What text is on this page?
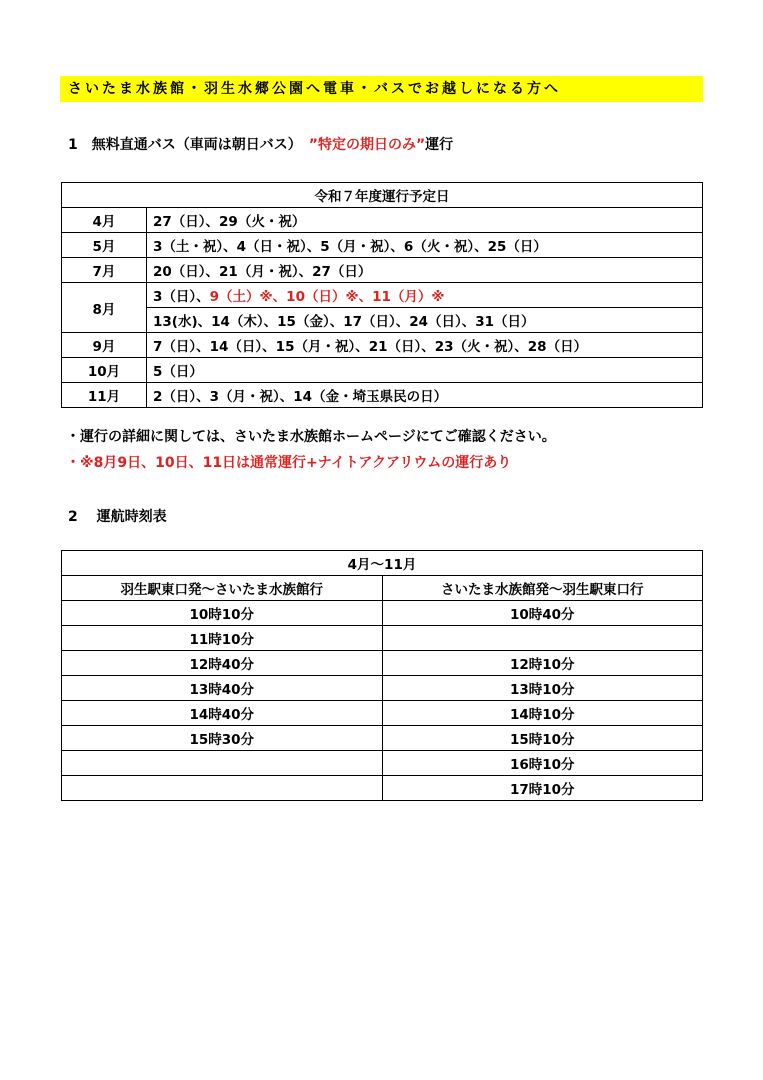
さいたま水族館・羽生水郷公園へ電車・バスでお越しになる方へ
1　無料直通バス（車両は朝日バス）　”特定の期日のみ”運行
令和７年度運行予定日	
4月	27（日）、29（火・祝）
5月	3（土・祝）、4（日・祝）、5（月・祝）、6（火・祝）、25（日）
7月	20（日）、21（月・祝）、27（日）
8月	3（日）、9（土）※、10（日）※、11（月）※
	13(水)、14（木）、15（金）、17（日）、24（日）、31（日）
9月	7（日）、14（日）、15（月・祝）、21（日）、23（火・祝）、28（日）
10月	5（日）
11月	2（日）、3（月・祝）、14（金・埼玉県民の日）
・運行の詳細に関しては、さいたま水族館ホームページにてご確認ください。
・※8月9日、10日、11日は通常運行+ナイトアクアリウムの運行あり
2　 運航時刻表
4月～11月	
羽生駅東口発～さいたま水族館行	さいたま水族館発～羽生駅東口行
10時10分	10時40分
11時10分	
12時40分	12時10分
13時40分	13時10分
14時40分	14時10分
15時30分	15時10分
	16時10分
	17時10分
